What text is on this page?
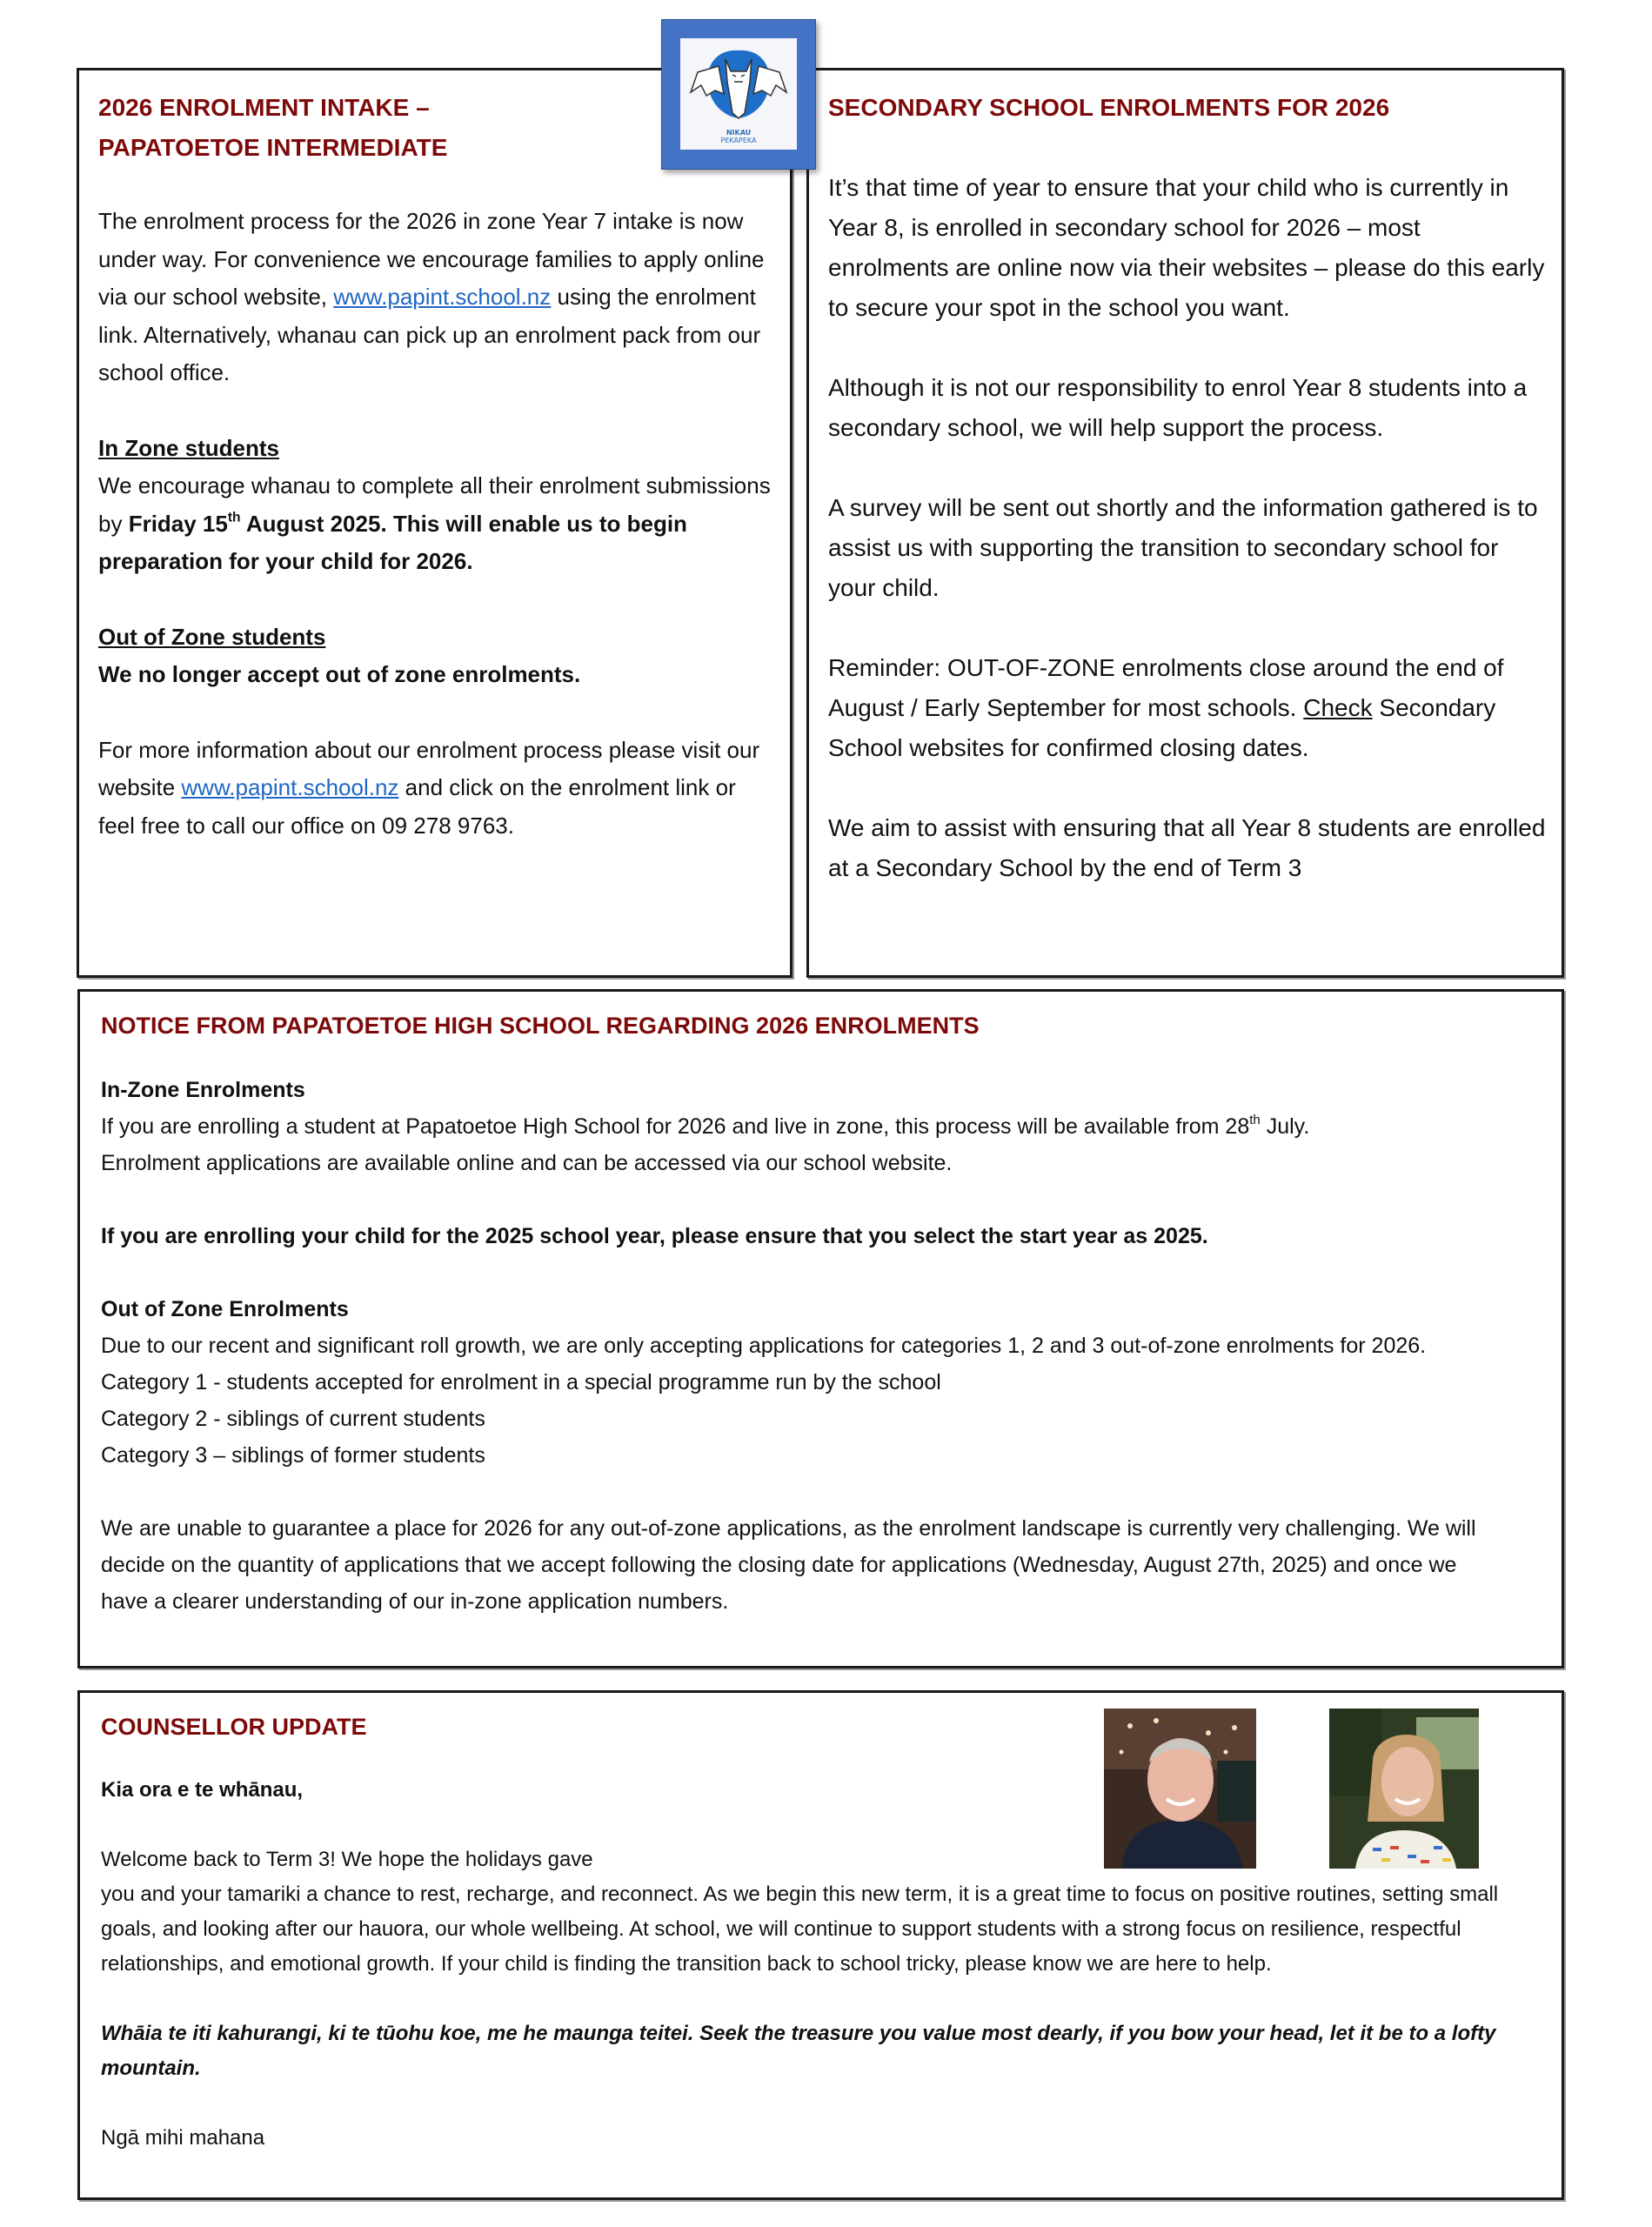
NIKAU
PEKAPEKA

2026 ENROLMENT INTAKE –

PAPATOETOE INTERMEDIATE

The enrolment process for the 2026 in zone Year 7 intake is now under way. For convenience we encourage families to apply online via our school website, www.papint.school.nz using the enrolment link. Alternatively, whanau can pick up an enrolment pack from our school office.

In Zone students

We encourage whanau to complete all their enrolment submissions by Friday 15th August 2025. This will enable us to begin preparation for your child for 2026.

Out of Zone students

We no longer accept out of zone enrolments.

For more information about our enrolment process please visit our website www.papint.school.nz and click on the enrolment link or feel free to call our office on 09 278 9763.

SECONDARY SCHOOL ENROLMENTS FOR 2026

It’s that time of year to ensure that your child who is currently in Year 8, is enrolled in secondary school for 2026 – most enrolments are online now via their websites – please do this early to secure your spot in the school you want.

Although it is not our responsibility to enrol Year 8 students into a secondary school, we will help support the process.

A survey will be sent out shortly and the information gathered is to assist us with supporting the transition to secondary school for your child.

Reminder: OUT-OF-ZONE enrolments close around the end of August / Early September for most schools. Check Secondary School websites for confirmed closing dates.

We aim to assist with ensuring that all Year 8 students are enrolled at a Secondary School by the end of Term 3

NOTICE FROM PAPATOETOE HIGH SCHOOL REGARDING 2026 ENROLMENTS

In-Zone Enrolments

If you are enrolling a student at Papatoetoe High School for 2026 and live in zone, this process will be available from 28th July.

Enrolment applications are available online and can be accessed via our school website.

If you are enrolling your child for the 2025 school year, please ensure that you select the start year as 2025.

Out of Zone Enrolments

Due to our recent and significant roll growth, we are only accepting applications for categories 1, 2 and 3 out-of-zone enrolments for 2026.

Category 1 - students accepted for enrolment in a special programme run by the school

Category 2 - siblings of current students

Category 3 – siblings of former students

We are unable to guarantee a place for 2026 for any out-of-zone applications, as the enrolment landscape is currently very challenging. We will decide on the quantity of applications that we accept following the closing date for applications (Wednesday, August 27th, 2025) and once we have a clearer understanding of our in-zone application numbers.

COUNSELLOR UPDATE

Kia ora e te whānau,

Welcome back to Term 3! We hope the holidays gave

you and your tamariki a chance to rest, recharge, and reconnect. As we begin this new term, it is a great time to focus on positive routines, setting small goals, and looking after our hauora, our whole wellbeing. At school, we will continue to support students with a strong focus on resilience, respectful relationships, and emotional growth. If your child is finding the transition back to school tricky, please know we are here to help.

Whāia te iti kahurangi, ki te tūohu koe, me he maunga teitei. Seek the treasure you value most dearly, if you bow your head, let it be to a lofty mountain.

Ngā mihi mahana
